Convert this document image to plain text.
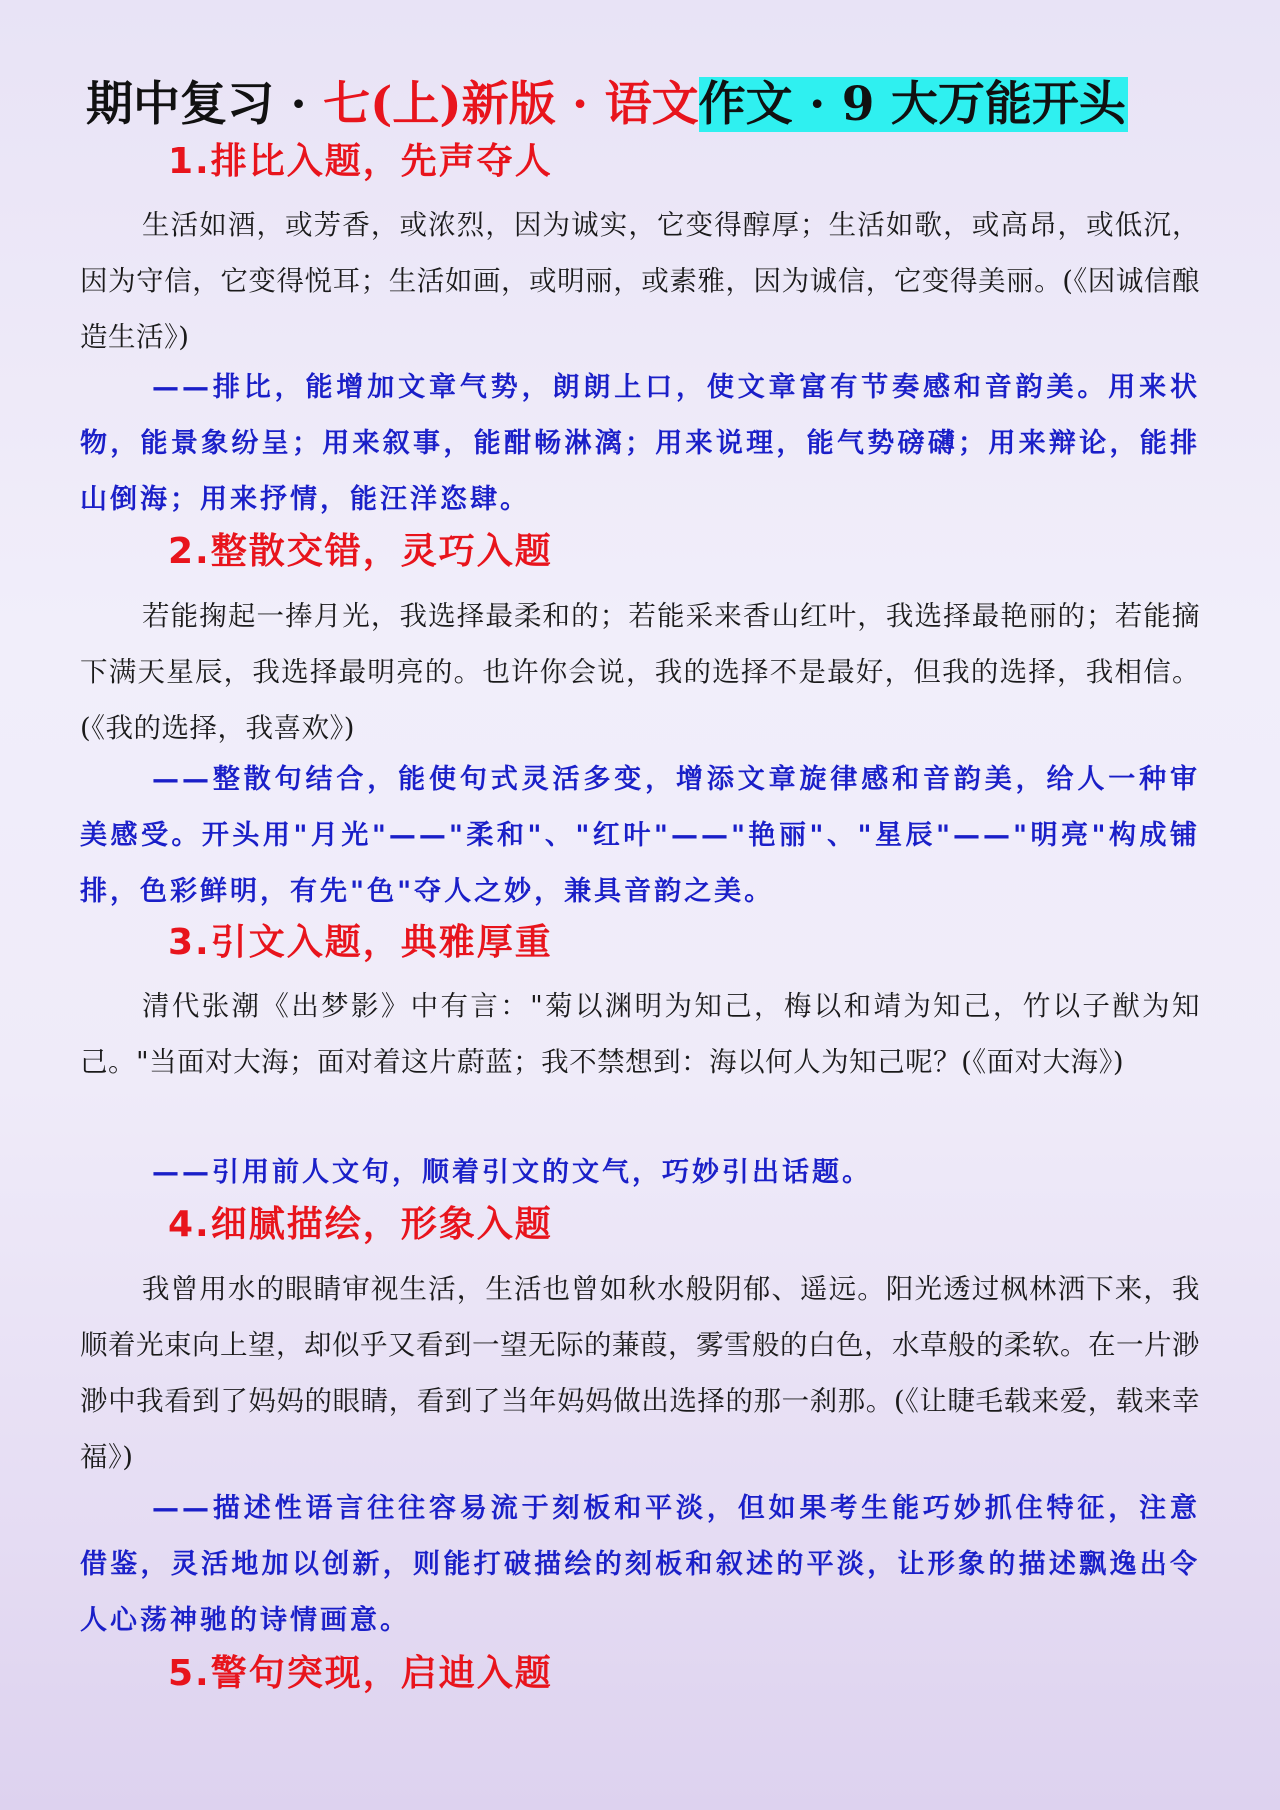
期中复习 · 七(上)新版 · 语文作文 · 9 大万能开头
1.排比入题，先声夺人
生活如酒，或芳香，或浓烈，因为诚实，它变得醇厚；生活如歌，或高昂，或低沉，因为守信，它变得悦耳；生活如画，或明丽，或素雅，因为诚信，它变得美丽。(《因诚信酿造生活》)
——排比，能增加文章气势，朗朗上口，使文章富有节奏感和音韵美。用来状物，能景象纷呈；用来叙事，能酣畅淋漓；用来说理，能气势磅礴；用来辩论，能排山倒海；用来抒情，能汪洋恣肆。
2.整散交错，灵巧入题
若能掬起一捧月光，我选择最柔和的；若能采来香山红叶，我选择最艳丽的；若能摘下满天星辰，我选择最明亮的。也许你会说，我的选择不是最好，但我的选择，我相信。(《我的选择，我喜欢》)
——整散句结合，能使句式灵活多变，增添文章旋律感和音韵美，给人一种审美感受。开头用"月光"——"柔和"、"红叶"——"艳丽"、"星辰"——"明亮"构成铺排，色彩鲜明，有先"色"夺人之妙，兼具音韵之美。
3.引文入题，典雅厚重
清代张潮《出梦影》中有言："菊以渊明为知己，梅以和靖为知己，竹以子猷为知己。"当面对大海；面对着这片蔚蓝；我不禁想到：海以何人为知己呢？(《面对大海》)
——引用前人文句，顺着引文的文气，巧妙引出话题。
4.细腻描绘，形象入题
我曾用水的眼睛审视生活，生活也曾如秋水般阴郁、遥远。阳光透过枫林洒下来，我顺着光束向上望，却似乎又看到一望无际的蒹葭，雾雪般的白色，水草般的柔软。在一片渺渺中我看到了妈妈的眼睛，看到了当年妈妈做出选择的那一刹那。(《让睫毛载来爱，载来幸福》)
——描述性语言往往容易流于刻板和平淡，但如果考生能巧妙抓住特征，注意借鉴，灵活地加以创新，则能打破描绘的刻板和叙述的平淡，让形象的描述飘逸出令人心荡神驰的诗情画意。
5.警句突现，启迪入题
